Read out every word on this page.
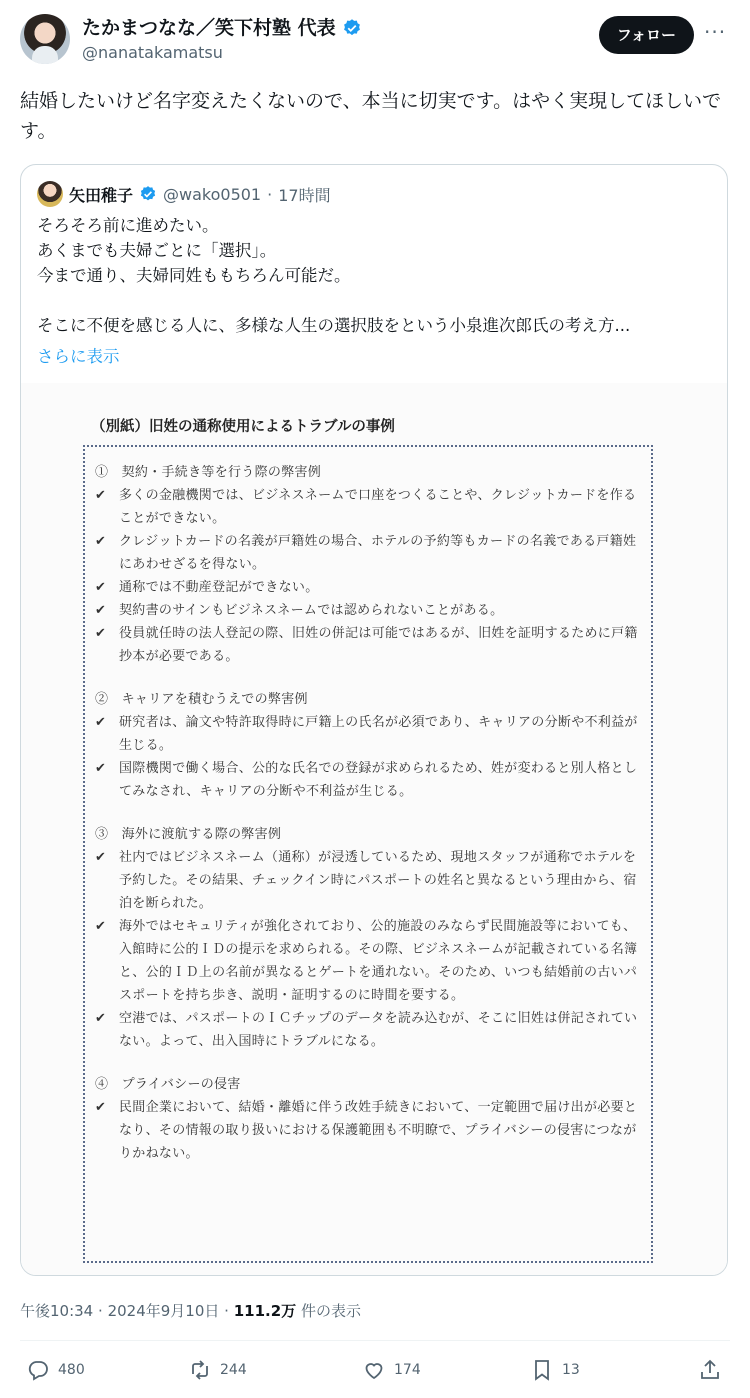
たかまつなな／笑下村塾 代表
@nanatakamatsu
フォロー	···
結婚したいけど名字変えたくないので、本当に切実です。はやく実現してほしいです。
矢田稚子 @wako0501 · 17時間
そろそろ前に進めたい。
あくまでも夫婦ごとに「選択」。
今まで通り、夫婦同姓ももちろん可能だ。

そこに不便を感じる人に、多様な人生の選択肢をという小泉進次郎氏の考え方...
さらに表示
（別紙）旧姓の通称使用によるトラブルの事例
①　契約・手続き等を行う際の弊害例
✔ 多くの金融機関では、ビジネスネームで口座をつくることや、クレジットカードを作ることができない。
✔ クレジットカードの名義が戸籍姓の場合、ホテルの予約等もカードの名義である戸籍姓にあわせざるを得ない。
✔ 通称では不動産登記ができない。
✔ 契約書のサインもビジネスネームでは認められないことがある。
✔ 役員就任時の法人登記の際、旧姓の併記は可能ではあるが、旧姓を証明するために戸籍抄本が必要である。
②　キャリアを積むうえでの弊害例
✔ 研究者は、論文や特許取得時に戸籍上の氏名が必須であり、キャリアの分断や不利益が生じる。
✔ 国際機関で働く場合、公的な氏名での登録が求められるため、姓が変わると別人格としてみなされ、キャリアの分断や不利益が生じる。
③　海外に渡航する際の弊害例
✔ 社内ではビジネスネーム（通称）が浸透しているため、現地スタッフが通称でホテルを予約した。その結果、チェックイン時にパスポートの姓名と異なるという理由から、宿泊を断られた。
✔ 海外ではセキュリティが強化されており、公的施設のみならず民間施設等においても、入館時に公的ＩＤの提示を求められる。その際、ビジネスネームが記載されている名簿と、公的ＩＤ上の名前が異なるとゲートを通れない。そのため、いつも結婚前の古いパスポートを持ち歩き、説明・証明するのに時間を要する。
✔ 空港では、パスポートのＩＣチップのデータを読み込むが、そこに旧姓は併記されていない。よって、出入国時にトラブルになる。
④　プライバシーの侵害
✔ 民間企業において、結婚・離婚に伴う改姓手続きにおいて、一定範囲で届け出が必要となり、その情報の取り扱いにおける保護範囲も不明瞭で、プライバシーの侵害につながりかねない。
午後10:34 · 2024年9月10日 · 111.2万 件の表示
480	244	174	13
